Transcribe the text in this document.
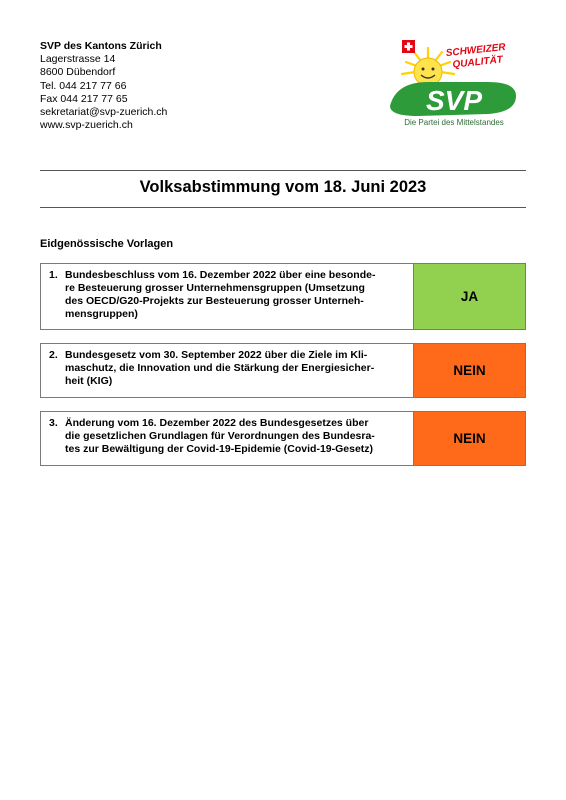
SVP des Kantons Zürich
Lagerstrasse 14
8600 Dübendorf
Tel. 044 217 77 66
Fax 044 217 77 65
sekretariat@svp-zuerich.ch
www.svp-zuerich.ch
SCHWEIZER
QUALITÄT
SVP
Die Partei des Mittelstandes
Volksabstimmung vom 18. Juni 2023
Eidgenössische Vorlagen
1. Bundesbeschluss vom 16. Dezember 2022 über eine besonde-
re Besteuerung grosser Unternehmensgruppen (Umsetzung
des OECD/G20-Projekts zur Besteuerung grosser Unterneh-
mensgruppen)
JA
2. Bundesgesetz vom 30. September 2022 über die Ziele im Kli-
maschutz, die Innovation und die Stärkung der Energiesicher-
heit (KIG)
NEIN
3. Änderung vom 16. Dezember 2022 des Bundesgesetzes über
die gesetzlichen Grundlagen für Verordnungen des Bundesra-
tes zur Bewältigung der Covid-19-Epidemie (Covid-19-Gesetz)
NEIN
